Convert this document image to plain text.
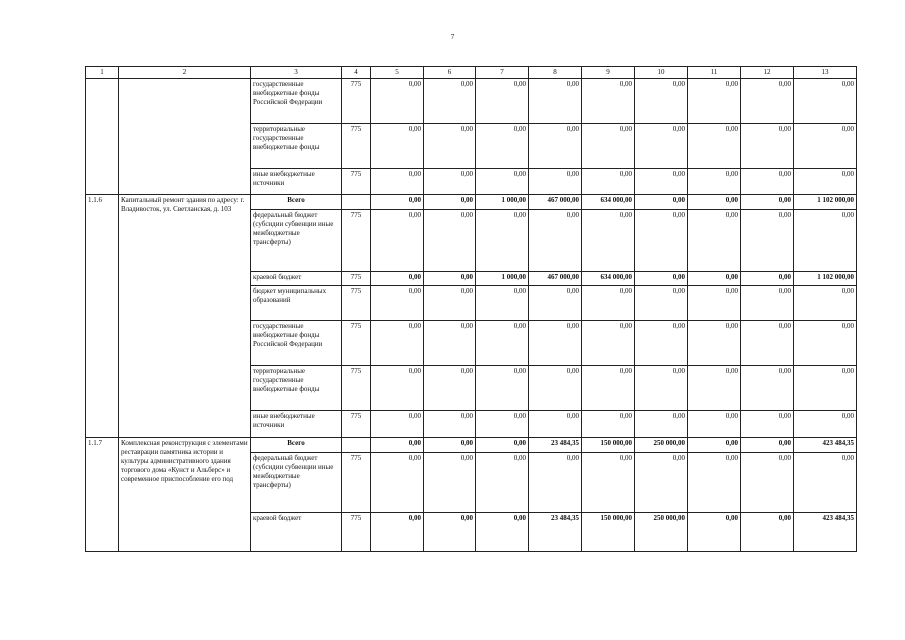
7
1	2	3	4	5	6	7	8	9	10	11	12	13
		государственные внебюджетные фонды Российской Федерации	775	0,00	0,00	0,00	0,00	0,00	0,00	0,00	0,00	0,00
		территориальные государственные внебюджетные фонды	775	0,00	0,00	0,00	0,00	0,00	0,00	0,00	0,00	0,00
		иные внебюджетные источники	775	0,00	0,00	0,00	0,00	0,00	0,00	0,00	0,00	0,00
1.1.6	Капитальный ремонт здания по адресу: г. Владивосток, ул. Светланская, д. 103	Всего		0,00	0,00	1 000,00	467 000,00	634 000,00	0,00	0,00	0,00	1 102 000,00
		федеральный бюджет (субсидии субвенции иные межбюджетные трансферты)	775	0,00	0,00	0,00	0,00	0,00	0,00	0,00	0,00	0,00
		краевой бюджет	775	0,00	0,00	1 000,00	467 000,00	634 000,00	0,00	0,00	0,00	1 102 000,00
		бюджет муниципальных образований	775	0,00	0,00	0,00	0,00	0,00	0,00	0,00	0,00	0,00
		государственные внебюджетные фонды Российской Федерации	775	0,00	0,00	0,00	0,00	0,00	0,00	0,00	0,00	0,00
		территориальные государственные внебюджетные фонды	775	0,00	0,00	0,00	0,00	0,00	0,00	0,00	0,00	0,00
		иные внебюджетные источники	775	0,00	0,00	0,00	0,00	0,00	0,00	0,00	0,00	0,00
1.1.7	Комплексная реконструкция с элементами реставрации памятника истории и культуры административного здания торгового дома «Кунст и Альберс» и современное приспособление его под	Всего		0,00	0,00	0,00	23 484,35	150 000,00	250 000,00	0,00	0,00	423 484,35
		федеральный бюджет (субсидии субвенции иные межбюджетные трансферты)	775	0,00	0,00	0,00	0,00	0,00	0,00	0,00	0,00	0,00
		краевой бюджет	775	0,00	0,00	0,00	23 484,35	150 000,00	250 000,00	0,00	0,00	423 484,35
